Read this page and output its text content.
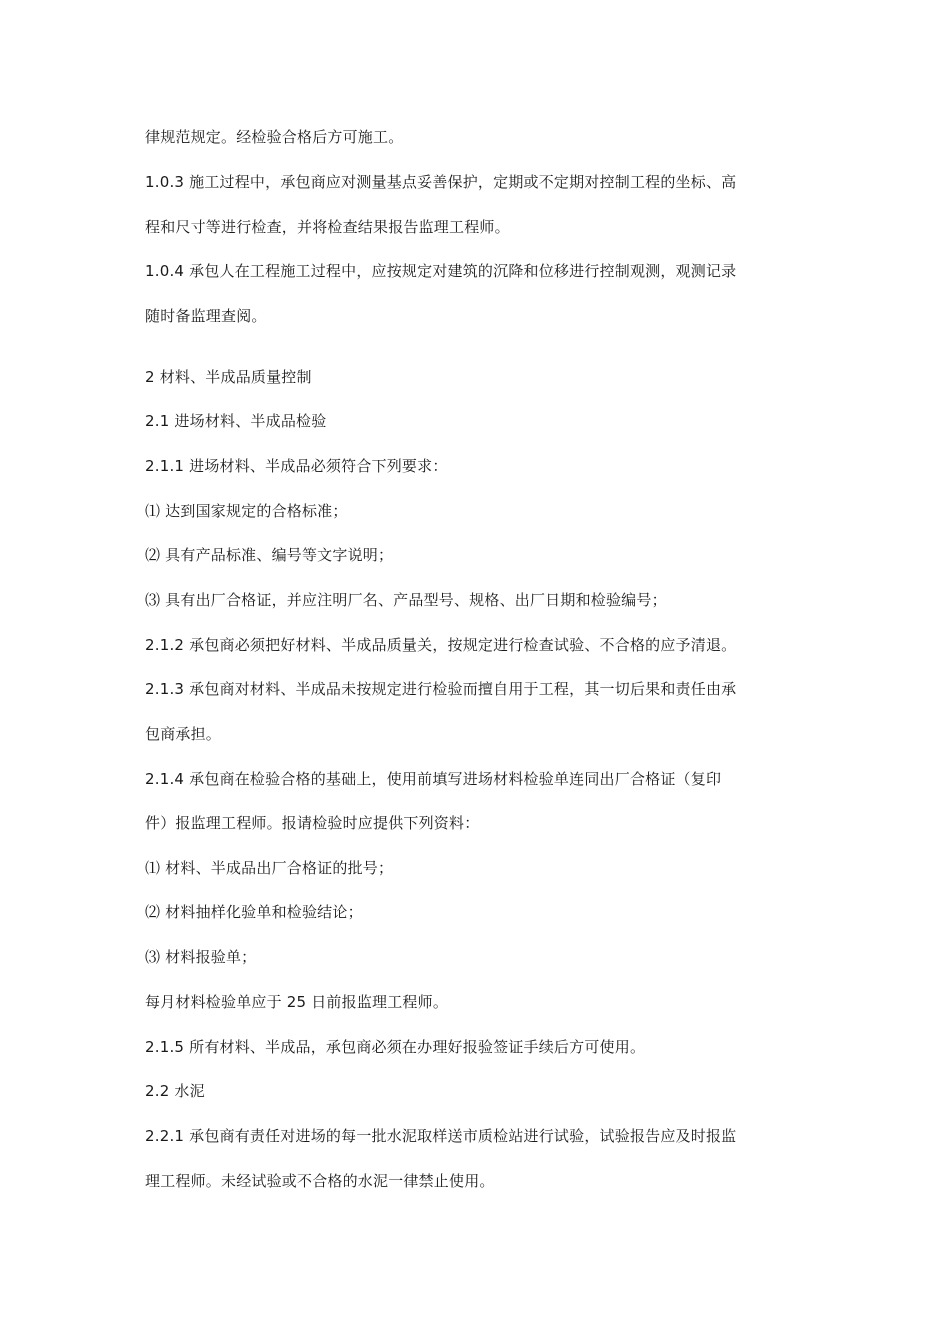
律规范规定。经检验合格后方可施工。
1.0.3 施工过程中，承包商应对测量基点妥善保护，定期或不定期对控制工程的坐标、高
程和尺寸等进行检查，并将检查结果报告监理工程师。
1.0.4 承包人在工程施工过程中，应按规定对建筑的沉降和位移进行控制观测，观测记录
随时备监理查阅。
2 材料、半成品质量控制
2.1 进场材料、半成品检验
2.1.1 进场材料、半成品必须符合下列要求：
⑴ 达到国家规定的合格标准；
⑵ 具有产品标准、编号等文字说明；
⑶ 具有出厂合格证，并应注明厂名、产品型号、规格、出厂日期和检验编号；
2.1.2 承包商必须把好材料、半成品质量关，按规定进行检查试验、不合格的应予清退。
2.1.3 承包商对材料、半成品未按规定进行检验而擅自用于工程，其一切后果和责任由承
包商承担。
2.1.4 承包商在检验合格的基础上，使用前填写进场材料检验单连同出厂合格证（复印
件）报监理工程师。报请检验时应提供下列资料：
⑴ 材料、半成品出厂合格证的批号；
⑵ 材料抽样化验单和检验结论；
⑶ 材料报验单；
每月材料检验单应于 25 日前报监理工程师。
2.1.5 所有材料、半成品，承包商必须在办理好报验签证手续后方可使用。
2.2 水泥
2.2.1 承包商有责任对进场的每一批水泥取样送市质检站进行试验，试验报告应及时报监
理工程师。未经试验或不合格的水泥一律禁止使用。
